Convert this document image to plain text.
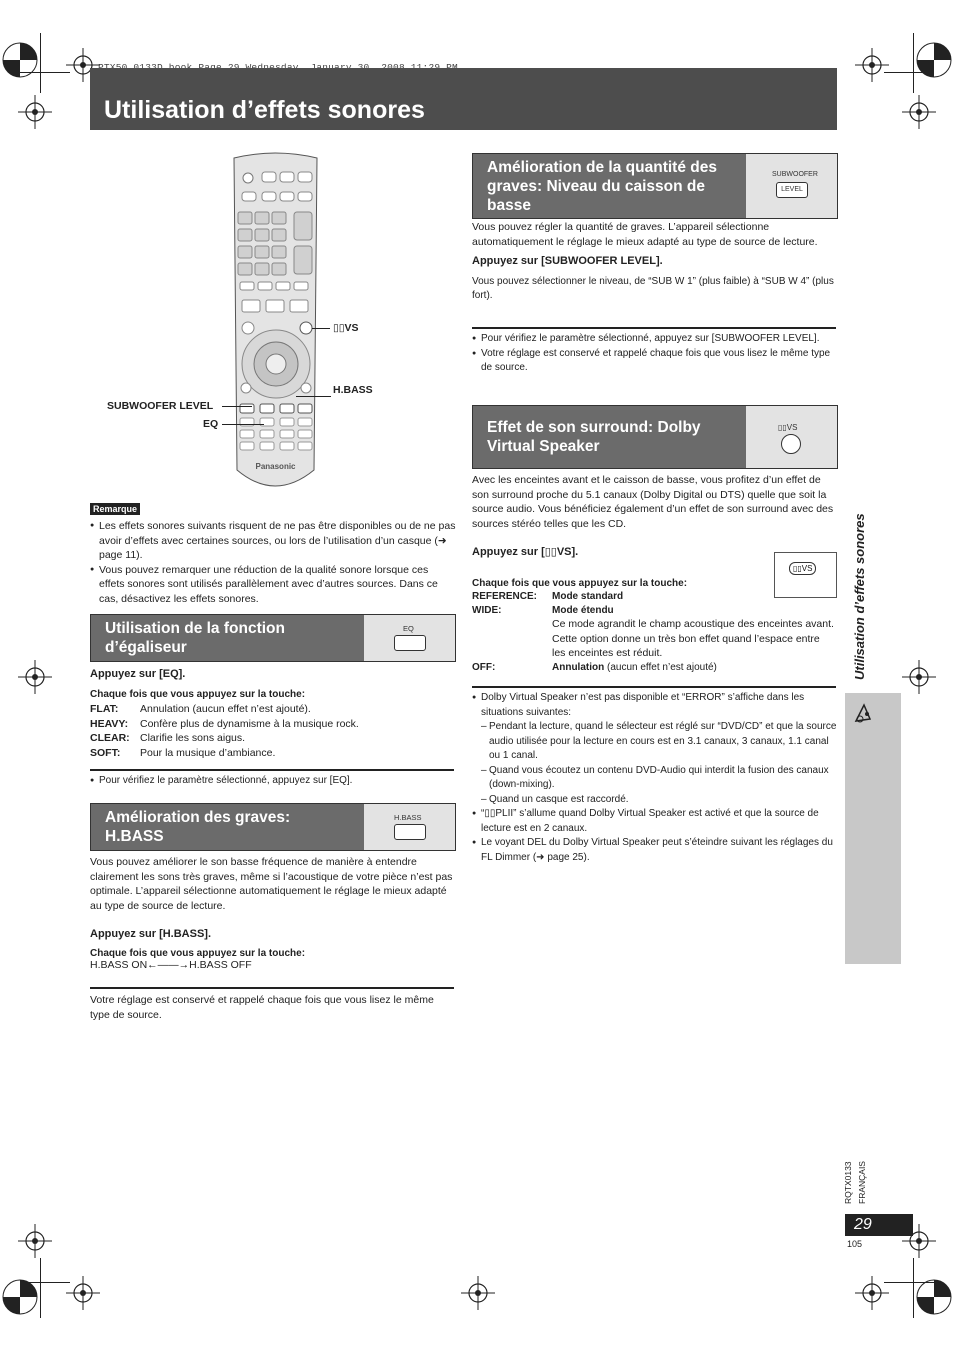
Utilisation d’effets sonores
Panasonic
▯▯VS
H.BASS
SUBWOOFER LEVEL
EQ
Remarque
● Les effets sonores suivants risquent de ne pas être disponibles ou de ne pas avoir d’effets avec certaines sources, ou lors de l’utilisation d’un casque (➜ page 11).
● Vous pouvez remarquer une réduction de la qualité sonore lorsque ces effets sonores sont utilisés parallèlement avec d’autres sources. Dans ce cas, désactivez les effets sonores.
Utilisation de la fonction d’égaliseur
EQ
Appuyez sur [EQ].
Chaque fois que vous appuyez sur la touche:
FLAT:	Annulation (aucun effet n’est ajouté).
HEAVY:	Confère plus de dynamisme à la musique rock.
CLEAR: Clarifie les sons aigus.
SOFT:	Pour la musique d’ambiance.
● Pour vérifiez le paramètre sélectionné, appuyez sur [EQ].
Amélioration des graves: H.BASS
H.BASS
Vous pouvez améliorer le son basse fréquence de manière à entendre clairement les sons très graves, même si l’acoustique de votre pièce n’est pas optimale. L’appareil sélectionne automatiquement le réglage le mieux adapté au type de source de lecture.
Appuyez sur [H.BASS].
Chaque fois que vous appuyez sur la touche:
H.BASS ON←——→H.BASS OFF
Votre réglage est conservé et rappelé chaque fois que vous lisez le même type de source.
Amélioration de la quantité des graves: Niveau du caisson de basse
SUBWOOFER
LEVEL
Vous pouvez régler la quantité de graves. L’appareil sélectionne automatiquement le réglage le mieux adapté au type de source de lecture.
Appuyez sur [SUBWOOFER LEVEL].
Vous pouvez sélectionner le niveau, de “SUB W 1” (plus faible) à “SUB W 4” (plus fort).
● Pour vérifiez le paramètre sélectionné, appuyez sur [SUBWOOFER LEVEL].
● Votre réglage est conservé et rappelé chaque fois que vous lisez le même type de source.
Effet de son surround: Dolby Virtual Speaker
▯▯VS
Avec les enceintes avant et le caisson de basse, vous profitez d’un effet de son surround proche du 5.1 canaux (Dolby Digital ou DTS) quelle que soit la source audio. Vous bénéficiez également d’un effet de son surround avec des sources stéréo telles que les CD.
Appuyez sur [▯▯VS].
▯▯VS
Chaque fois que vous appuyez sur la touche:
REFERENCE:	Mode standard
WIDE:	Mode étendu
Ce mode agrandit le champ acoustique des enceintes avant. Cette option donne un très bon effet quand l’espace entre les enceintes est réduit.
OFF:	Annulation (aucun effet n’est ajouté)
● Dolby Virtual Speaker n’est pas disponible et “ERROR” s’affiche dans les situations suivantes:
– Pendant la lecture, quand le sélecteur est réglé sur “DVD/CD” et que la source audio utilisée pour la lecture en cours est en 3.1 canaux, 3 canaux, 1.1 canal ou 1 canal.
– Quand vous écoutez un contenu DVD-Audio qui interdit la fusion des canaux (down-mixing).
– Quand un casque est raccordé.
● “▯▯PLII” s’allume quand Dolby Virtual Speaker est activé et que la source de lecture est en 2 canaux.
● Le voyant DEL du Dolby Virtual Speaker peut s’éteindre suivant les réglages du FL Dimmer (➜ page 25).
Utilisation d’effets sonores
RQTX0133 FRANÇAIS
29
105
